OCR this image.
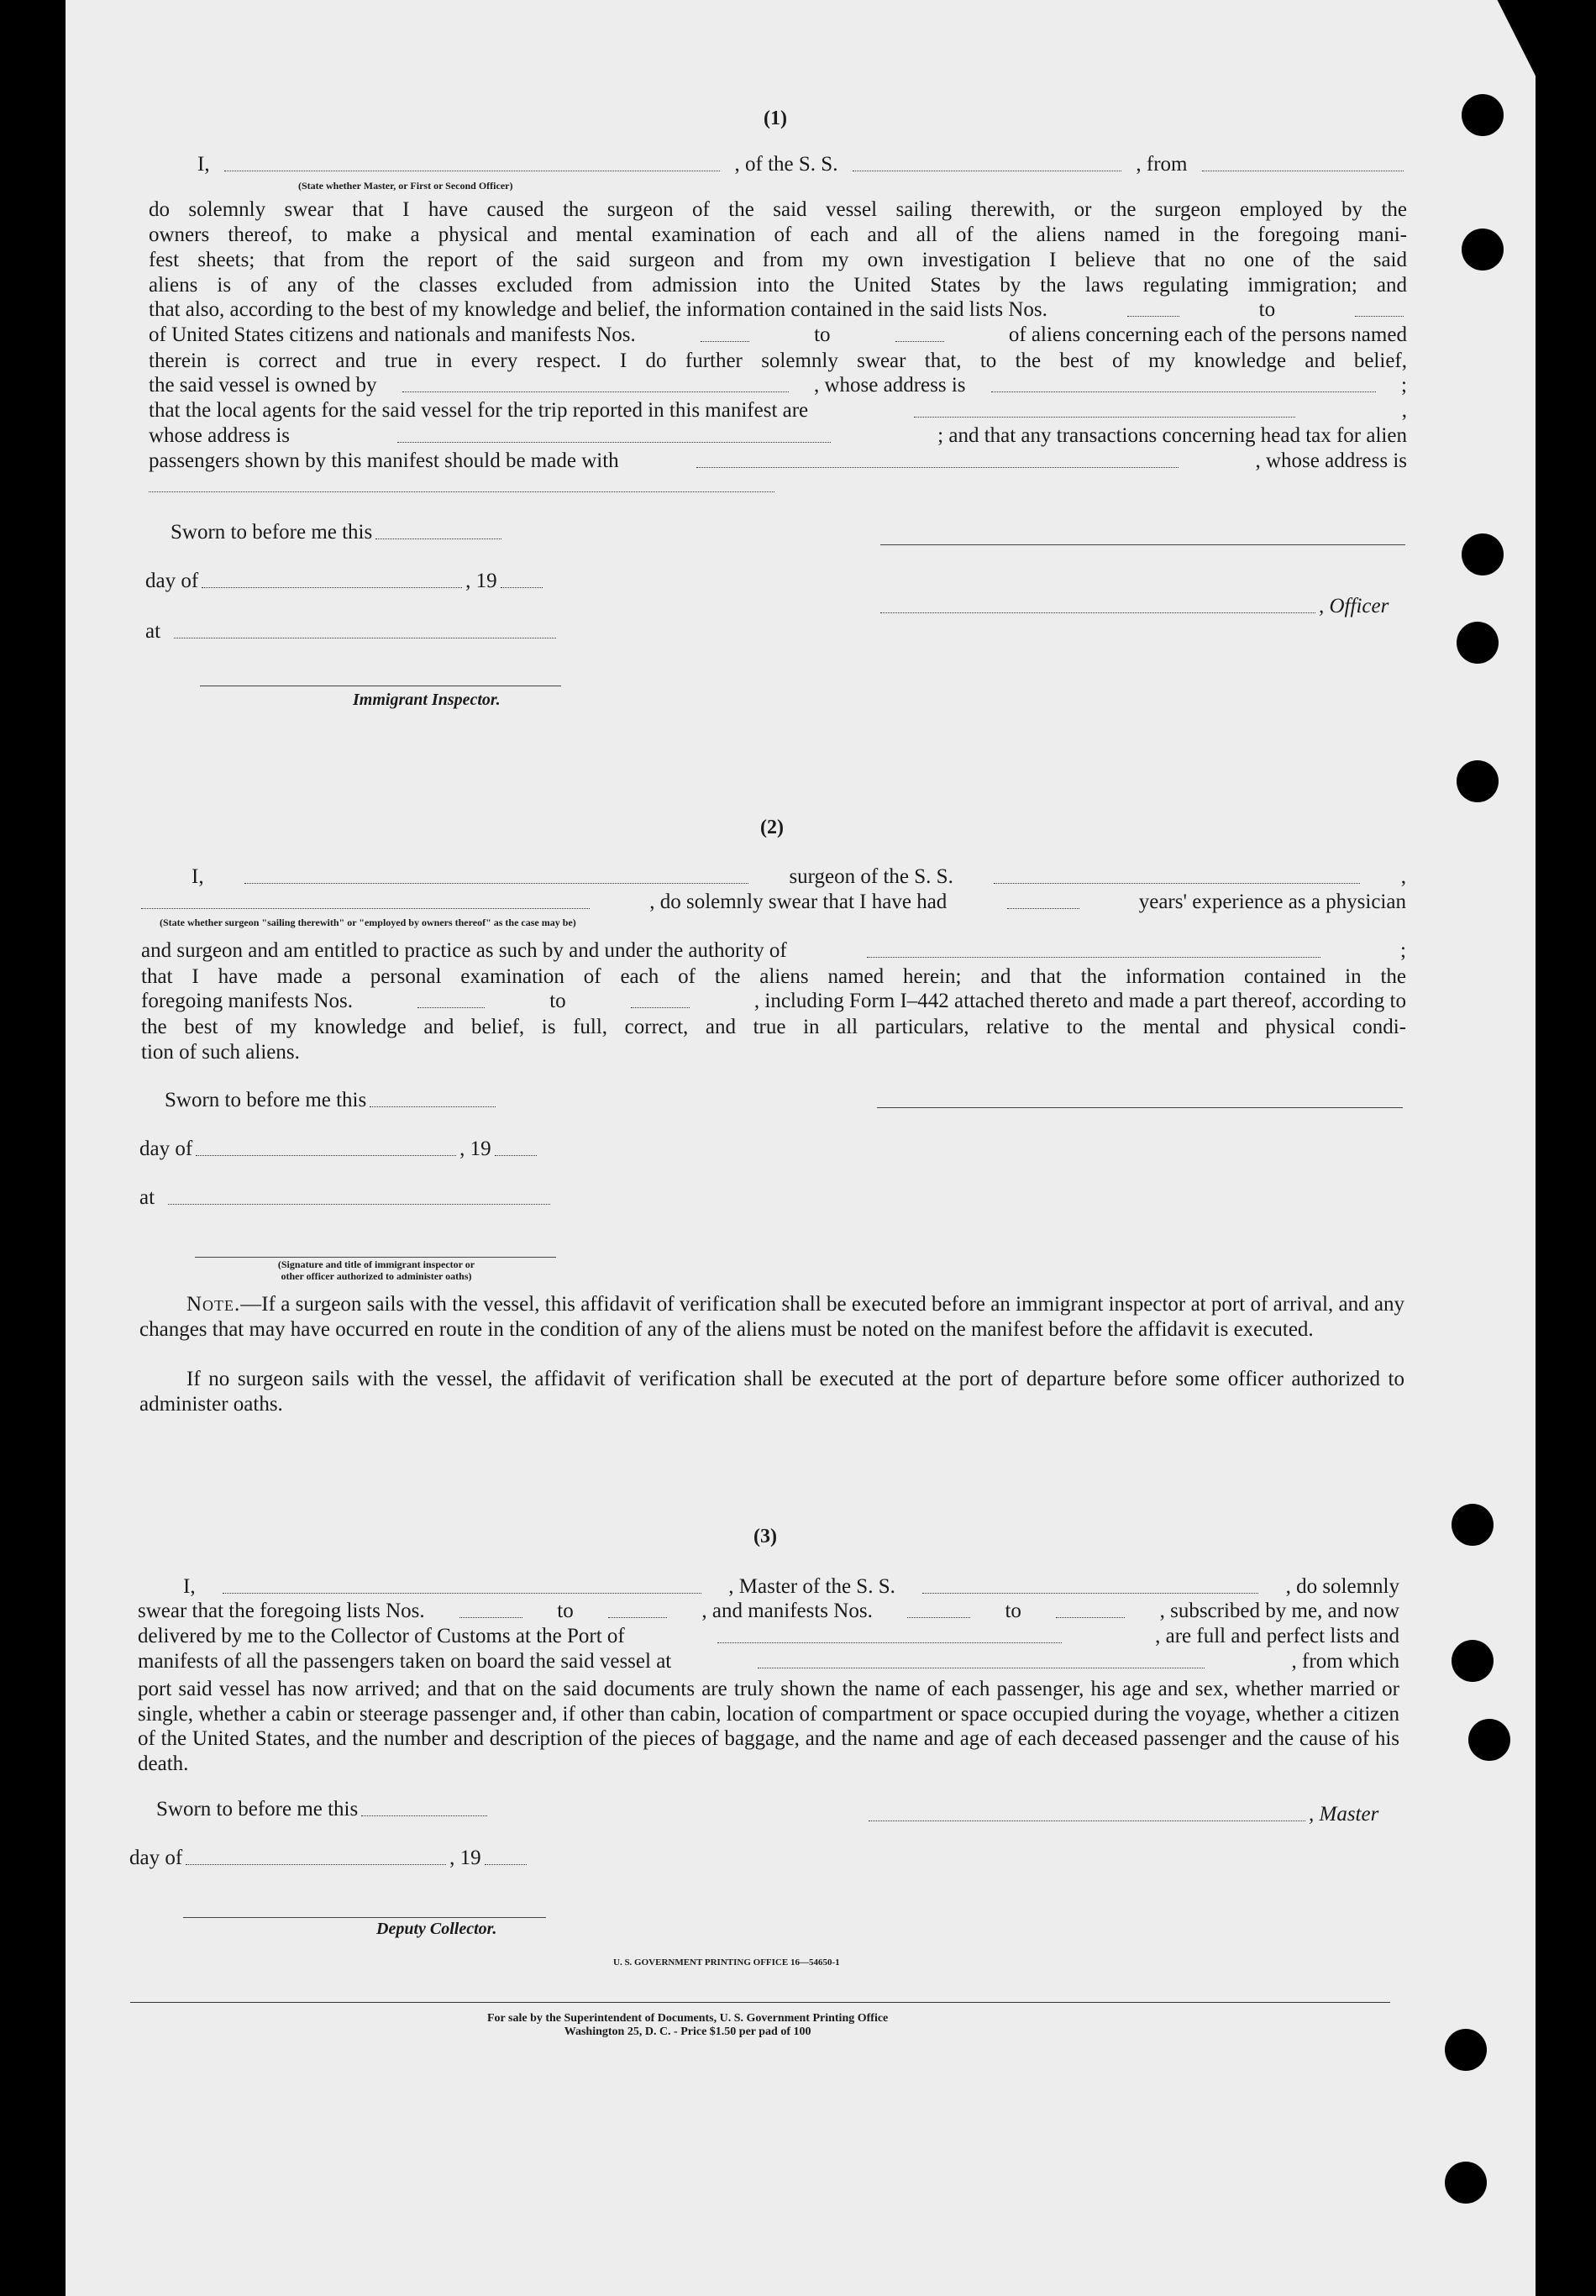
(1)
I,	, of the S. S.	, from
(State whether Master, or First or Second Officer)
do solemnly swear that I have caused the surgeon of the said vessel sailing therewith, or the surgeon employed by the
owners thereof, to make a physical and mental examination of each and all of the aliens named in the foregoing mani-
fest sheets; that from the report of the said surgeon and from my own investigation I believe that no one of the said
aliens is of any of the classes excluded from admission into the United States by the laws regulating immigration; and
that also, according to the best of my knowledge and belief, the information contained in the said lists Nos.	to
of United States citizens and nationals and manifests Nos.	to	of aliens concerning each of the persons named
therein is correct and true in every respect. I do further solemnly swear that, to the best of my knowledge and belief,
the said vessel is owned by	, whose address is	;
that the local agents for the said vessel for the trip reported in this manifest are	,
whose address is	; and that any transactions concerning head tax for alien
passengers shown by this manifest should be made with	, whose address is
Sworn to before me this
day of	, 19
, Officer
at
Immigrant Inspector.
(2)
I,	surgeon of the S. S.	,
, do solemnly swear that I have had	years' experience as a physician
(State whether surgeon "sailing therewith" or "employed by owners thereof" as the case may be)
and surgeon and am entitled to practice as such by and under the authority of	;
that I have made a personal examination of each of the aliens named herein; and that the information contained in the
foregoing manifests Nos.	to	, including Form I–442 attached thereto and made a part thereof, according to
the best of my knowledge and belief, is full, correct, and true in all particulars, relative to the mental and physical condi-
tion of such aliens.
Sworn to before me this
day of	, 19
at
(Signature and title of immigrant inspector or
other officer authorized to administer oaths)
Note.—If a surgeon sails with the vessel, this affidavit of verification shall be executed before an immigrant inspector at port of arrival, and any changes that may have occurred en route in the condition of any of the aliens must be noted on the manifest before the affidavit is executed.
If no surgeon sails with the vessel, the affidavit of verification shall be executed at the port of departure before some officer authorized to administer oaths.
(3)
I,	, Master of the S. S.	, do solemnly
swear that the foregoing lists Nos.	to	, and manifests Nos.	to	, subscribed by me, and now
delivered by me to the Collector of Customs at the Port of	, are full and perfect lists and
manifests of all the passengers taken on board the said vessel at	, from which
port said vessel has now arrived; and that on the said documents are truly shown the name of each passenger, his age and sex, whether married or single, whether a cabin or steerage passenger and, if other than cabin, location of compartment or space occupied during the voyage, whether a citizen of the United States, and the number and description of the pieces of baggage, and the name and age of each deceased passenger and the cause of his death.
Sworn to before me this	, Master
day of	, 19
Deputy Collector.
U. S. GOVERNMENT PRINTING OFFICE 16—54650-1
For sale by the Superintendent of Documents, U. S. Government Printing Office
Washington 25, D. C. - Price $1.50 per pad of 100
